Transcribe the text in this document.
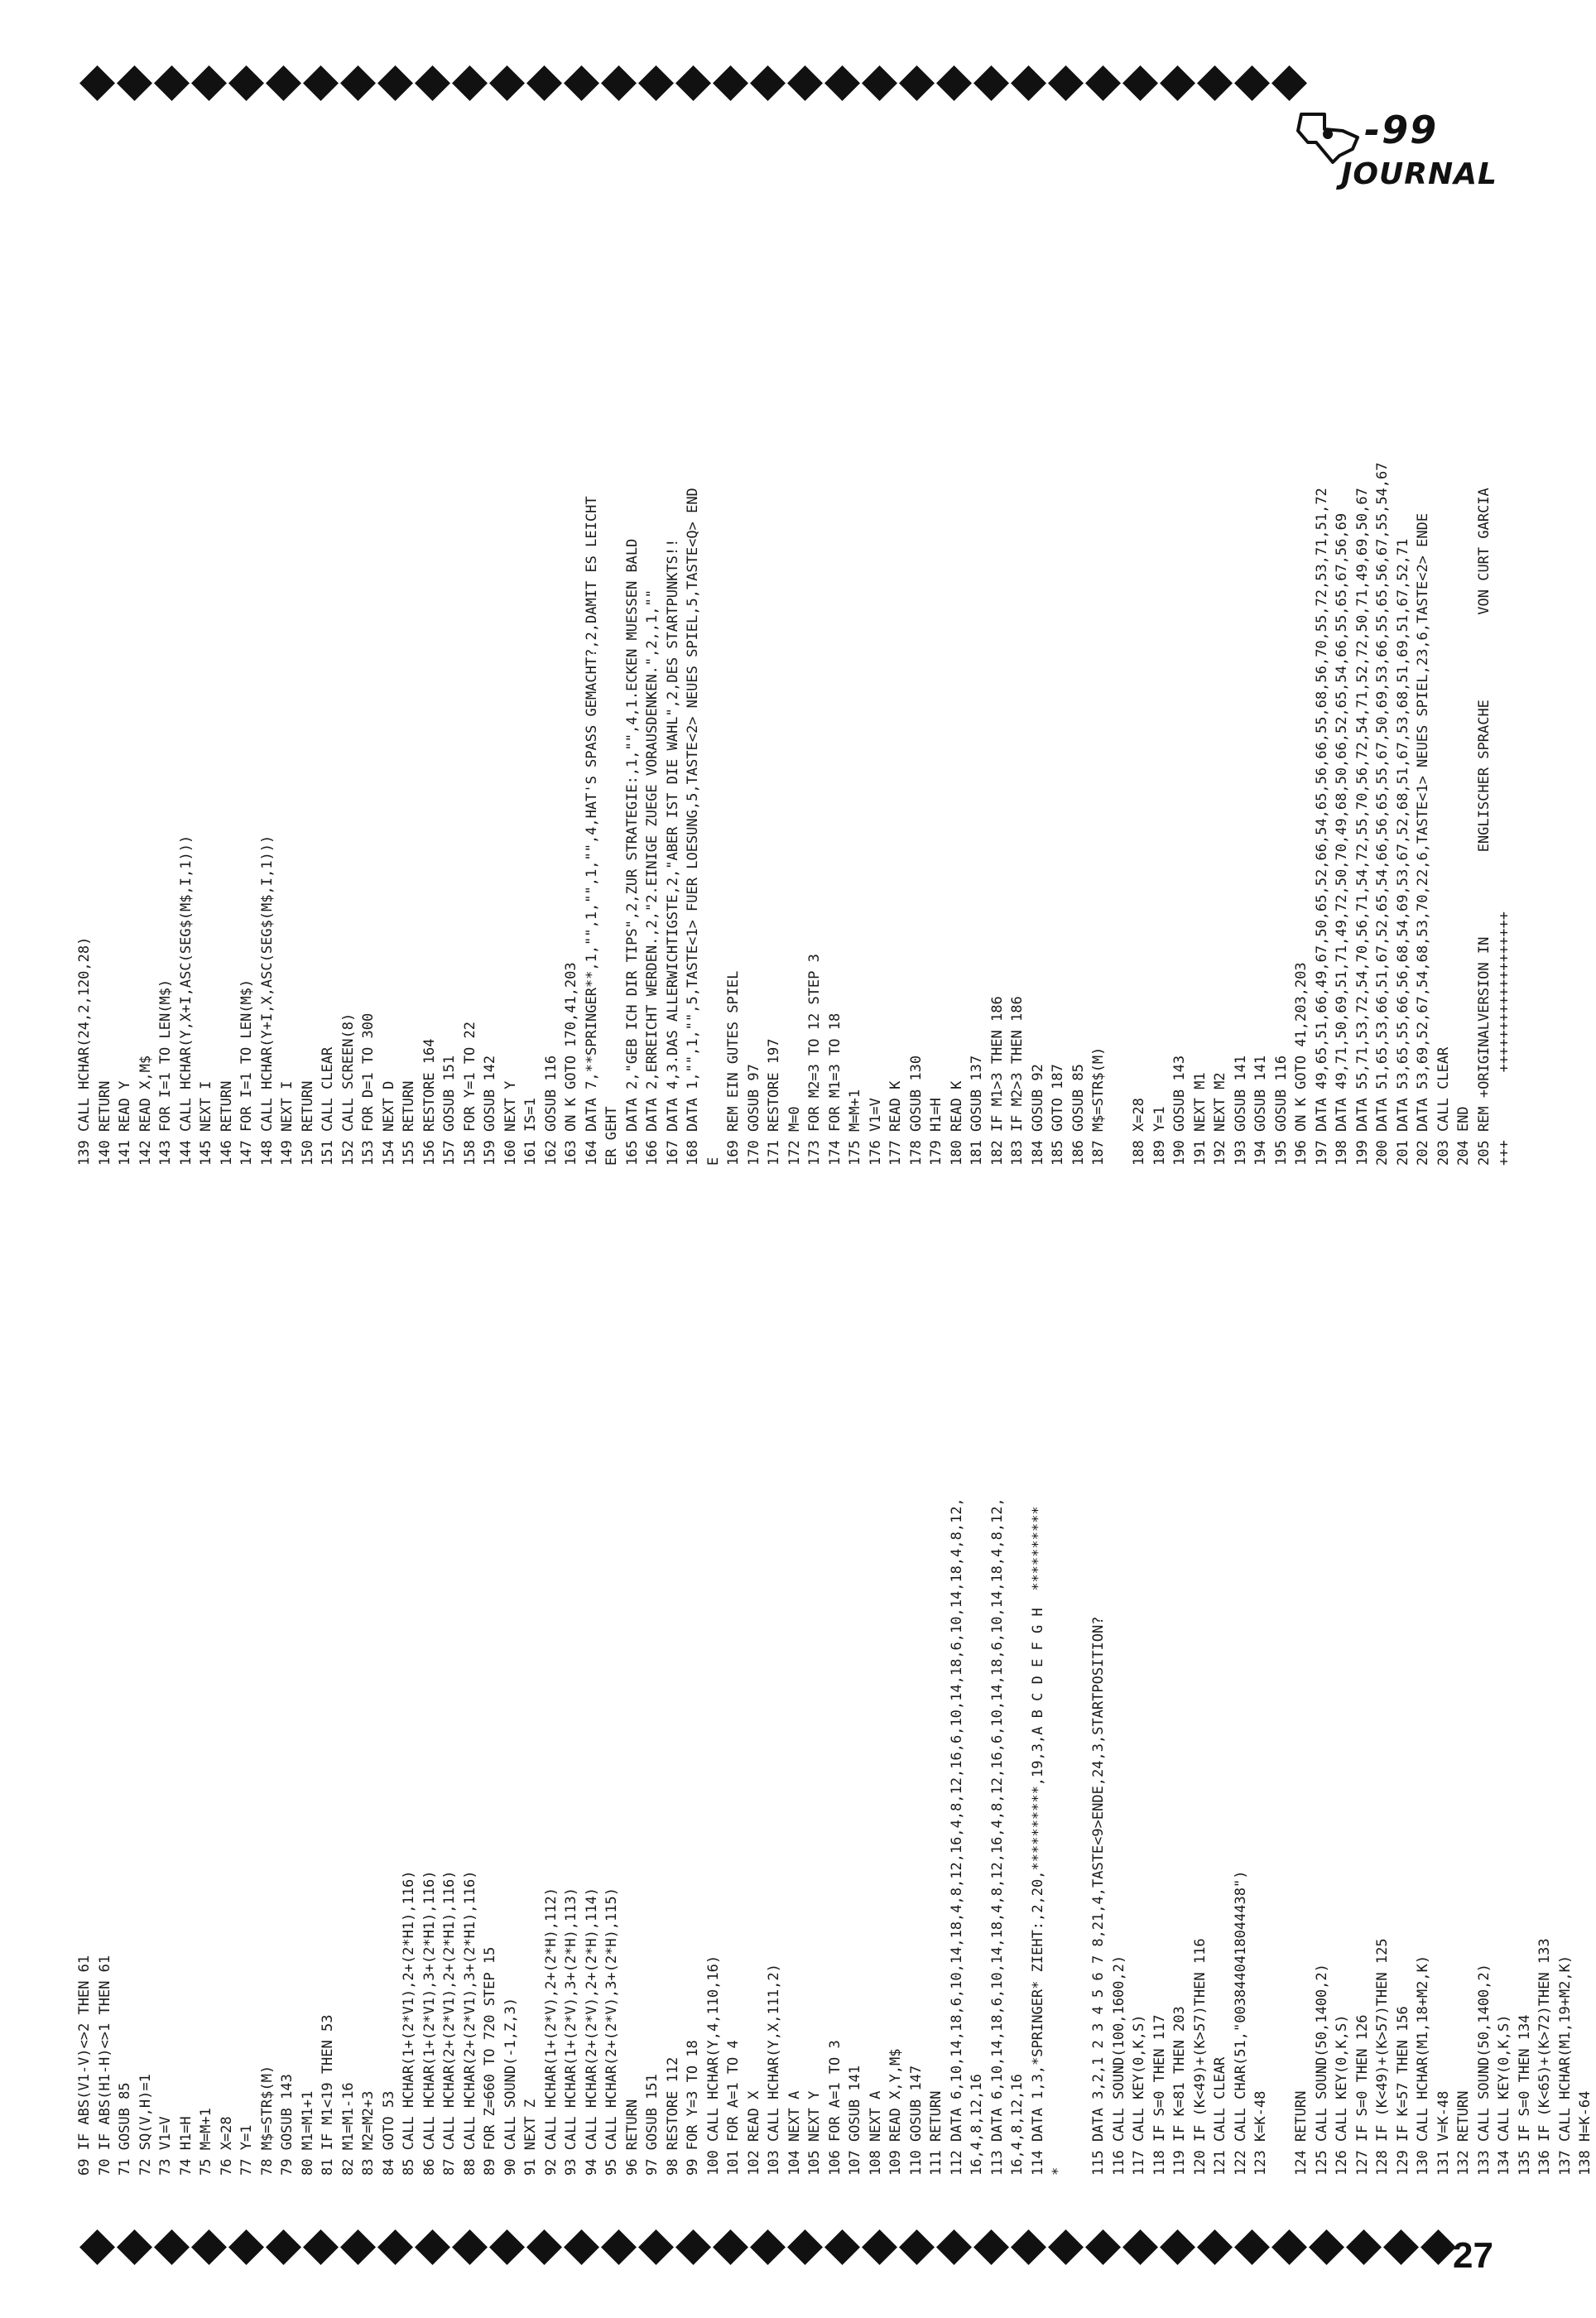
-99
JOURNAL
69 IF ABS(V1-V)<>2 THEN 61 70 IF ABS(H1-H)<>1 THEN 61 71 GOSUB 85 72 SQ(V,H)=1 73 V1=V 74 H1=H 75 M=M+1 76 X=28 77 Y=1 78 M$=STR$(M) 79 GOSUB 143 80 M1=M1+1 81 IF M1<19 THEN 53 82 M1=M1-16 83 M2=M2+3 84 GOTO 53 85 CALL HCHAR(1+(2*V1),2+(2*H1),116) 86 CALL HCHAR(1+(2*V1),3+(2*H1),116) 87 CALL HCHAR(2+(2*V1),2+(2*H1),116) 88 CALL HCHAR(2+(2*V1),3+(2*H1),116) 89 FOR Z=660 TO 720 STEP 15 90 CALL SOUND(-1,Z,3) 91 NEXT Z 92 CALL HCHAR(1+(2*V),2+(2*H),112) 93 CALL HCHAR(1+(2*V),3+(2*H),113) 94 CALL HCHAR(2+(2*V),2+(2*H),114) 95 CALL HCHAR(2+(2*V),3+(2*H),115) 96 RETURN 97 GOSUB 151 98 RESTORE 112 99 FOR Y=3 TO 18 100 CALL HCHAR(Y,4,110,16) 101 FOR A=1 TO 4 102 READ X 103 CALL HCHAR(Y,X,111,2) 104 NEXT A 105 NEXT Y 106 FOR A=1 TO 3 107 GOSUB 141 108 NEXT A 109 READ X,Y,M$ 110 GOSUB 147 111 RETURN 112 DATA 6,10,14,18,6,10,14,18,4,8,12,16,4,8,12,16,6,10,14,18,6,10,14,18,4,8,12, 16,4,8,12,16 113 DATA 6,10,14,18,6,10,14,18,4,8,12,16,4,8,12,16,6,10,14,18,6,10,14,18,4,8,12, 16,4,8,12,16 114 DATA 1,3,*SPRINGER* ZIEHT:,2,20,**********,19,3,A B C D E F G H  ********** * 115 DATA 3,2,1 2 3 4 5 6 7 8,21,4,TASTE<9>ENDE,24,3,STARTPOSITION? 116 CALL SOUND(100,1600,2) 117 CALL KEY(0,K,S) 118 IF S=0 THEN 117 119 IF K=81 THEN 203 120 IF (K<49)+(K>57)THEN 116 121 CALL CLEAR 122 CALL CHAR(51,"0038440418044438") 123 K=K-48 124 RETURN 125 CALL SOUND(50,1400,2) 126 CALL KEY(0,K,S) 127 IF S=0 THEN 126 128 IF (K<49)+(K>57)THEN 125 129 IF K=57 THEN 156 130 CALL HCHAR(M1,18+M2,K) 131 V=K-48 132 RETURN 133 CALL SOUND(50,1400,2) 134 CALL KEY(0,K,S) 135 IF S=0 THEN 134 136 IF (K<65)+(K>72)THEN 133 137 CALL HCHAR(M1,19+M2,K) 138 H=K-64
139 CALL HCHAR(24,2,120,28) 140 RETURN 141 READ Y 142 READ X,M$ 143 FOR I=1 TO LEN(M$) 144 CALL HCHAR(Y,X+I,ASC(SEG$(M$,I,1))) 145 NEXT I 146 RETURN 147 FOR I=1 TO LEN(M$) 148 CALL HCHAR(Y+I,X,ASC(SEG$(M$,I,1))) 149 NEXT I 150 RETURN 151 CALL CLEAR 152 CALL SCREEN(8) 153 FOR D=1 TO 300 154 NEXT D 155 RETURN 156 RESTORE 164 157 GOSUB 151 158 FOR Y=1 TO 22 159 GOSUB 142 160 NEXT Y 161 IS=1 162 GOSUB 116 163 ON K GOTO 170,41,203 164 DATA 7,**SPRINGER**,1,"",1,"",1,"",4,HAT'S SPASS GEMACHT?,2,DAMIT ES LEICHT ER GEHT 165 DATA 2,"GEB ICH DIR TIPS",2,ZUR STRATEGIE:,1,"",4,1.ECKEN MUESSEN BALD 166 DATA 2,ERREICHT WERDEN.,2,"2.EINIGE ZUEGE VORAUSDENKEN.",2,,1,"" 167 DATA 4,3.DAS ALLERWICHTIGSTE,2,"ABER IST DIE WAHL",2,DES STARTPUNKTS!! 168 DATA 1,"",1,"",5,TASTE<1> FUER LOESUNG,5,TASTE<2> NEUES SPIEL,5,TASTE<Q> END E 169 REM EIN GUTES SPIEL 170 GOSUB 97 171 RESTORE 197 172 M=0 173 FOR M2=3 TO 12 STEP 3 174 FOR M1=3 TO 18 175 M=M+1 176 V1=V 177 READ K 178 GOSUB 130 179 H1=H 180 READ K 181 GOSUB 137 182 IF M1>3 THEN 186 183 IF M2>3 THEN 186 184 GOSUB 92 185 GOTO 187 186 GOSUB 85 187 M$=STR$(M) 188 X=28 189 Y=1 190 GOSUB 143 191 NEXT M1 192 NEXT M2 193 GOSUB 141 194 GOSUB 141 195 GOSUB 116 196 ON K GOTO 41,203,203 197 DATA 49,65,51,66,49,67,50,65,52,66,54,65,56,66,55,68,56,70,55,72,53,71,51,72 198 DATA 49,71,50,69,51,71,49,72,50,70,49,68,50,66,52,65,54,66,55,65,67,56,69 199 DATA 55,71,53,72,54,70,56,71,54,72,55,70,56,72,54,71,52,72,50,71,49,69,50,67 200 DATA 51,65,53,66,51,67,52,65,54,66,56,65,55,67,50,69,53,66,55,65,56,67,55,54,67 201 DATA 53,65,55,66,56,68,54,69,53,67,52,68,51,67,53,68,51,69,51,67,52,71 202 DATA 53,69,52,67,54,68,53,70,22,6,TASTE<1> NEUES SPIEL,23,6,TASTE<2> ENDE 203 CALL CLEAR 204 END 205 REM +ORIGINALVERSION IN          ENGLISCHER SPRACHE          VON CURT GARCIA +++        +++++++++++++++++++
27
